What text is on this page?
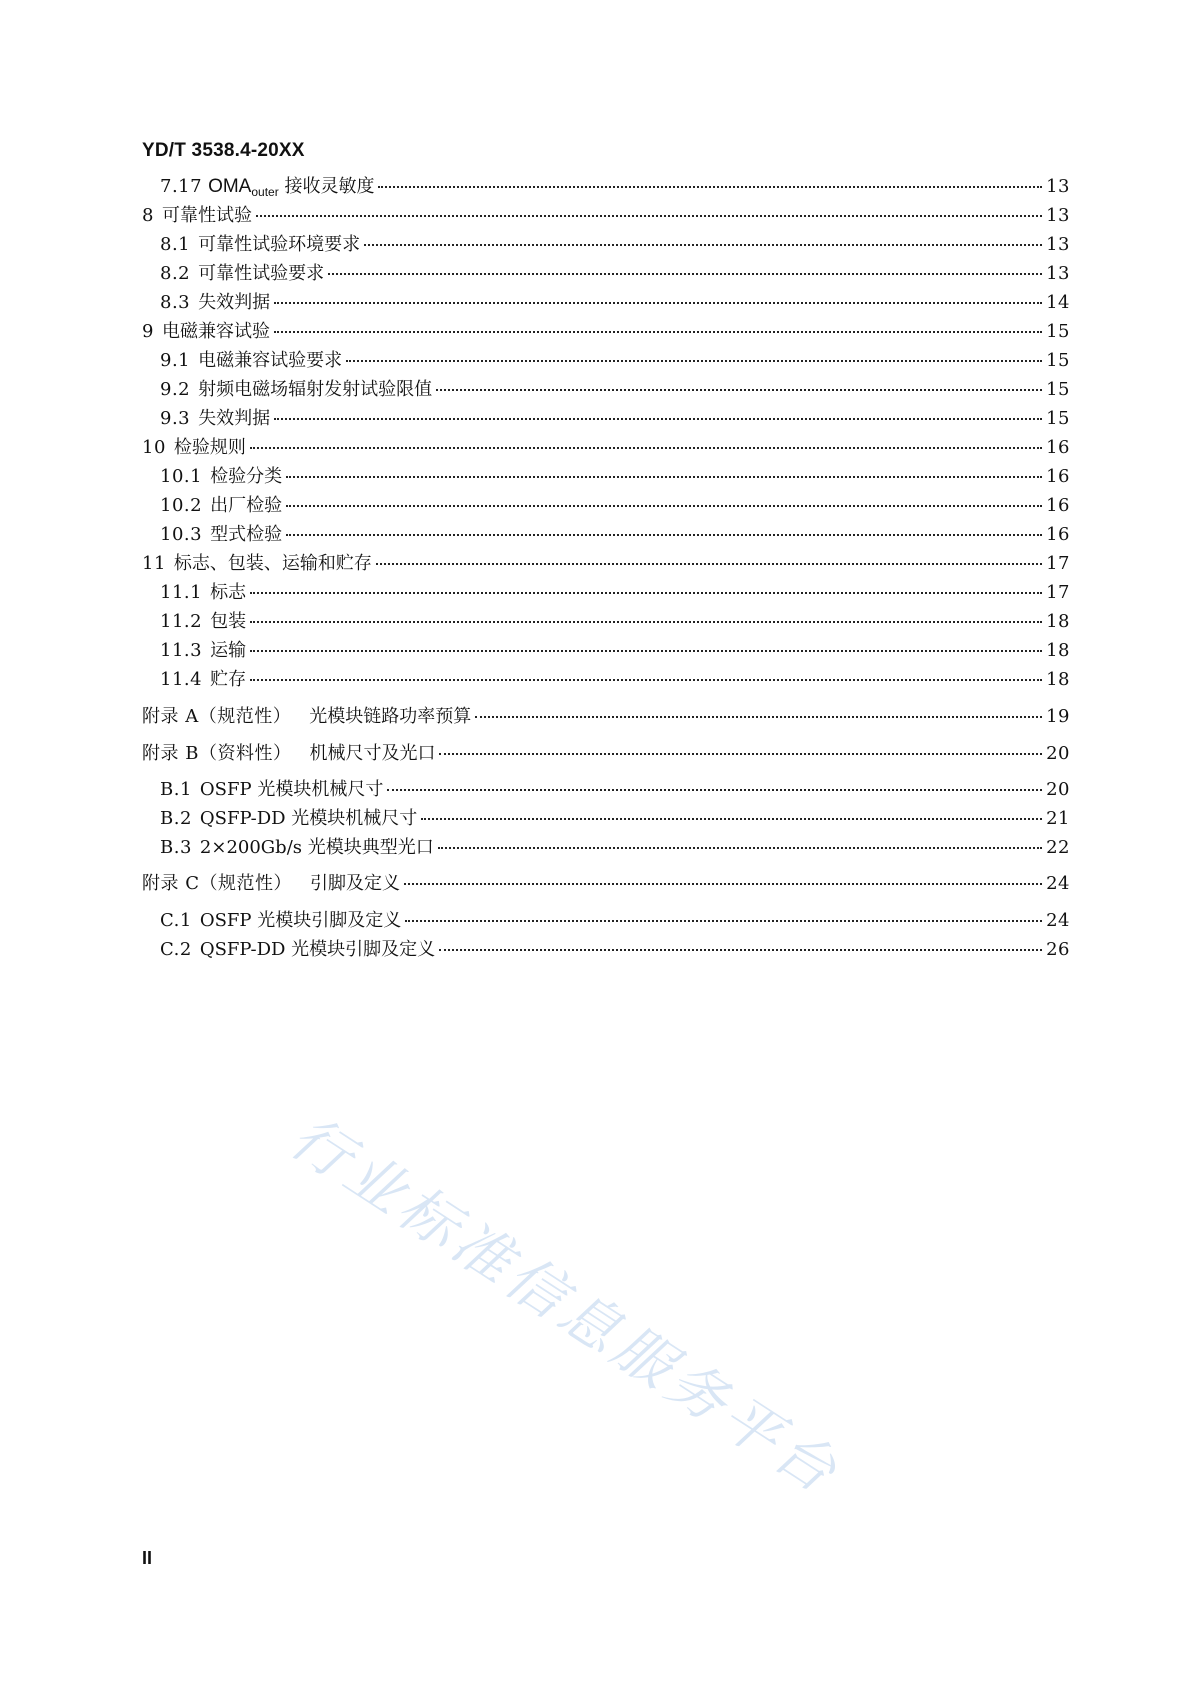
YD/T 3538.4-20XX
7.17 $OMA_{outer}$ 接收灵敏度	13
8 可靠性试验	13
8.1 可靠性试验环境要求	13
8.2 可靠性试验要求	13
8.3 失效判据	14
9 电磁兼容试验	15
9.1 电磁兼容试验要求	15
9.2 射频电磁场辐射发射试验限值	15
9.3 失效判据	15
10 检验规则	16
10.1 检验分类	16
10.2 出厂检验	16
10.3 型式检验	16
11 标志、包装、运输和贮存	17
11.1 标志	17
11.2 包装	18
11.3 运输	18
11.4 贮存	18
附录 A（规范性） 光模块链路功率预算	19
附录 B（资料性） 机械尺寸及光口	20
B.1 OSFP 光模块机械尺寸	20
B.2 QSFP-DD 光模块机械尺寸	21
B.3 2×200Gb/s 光模块典型光口	22
附录 C（规范性） 引脚及定义	24
C.1 OSFP 光模块引脚及定义	24
C.2 QSFP-DD 光模块引脚及定义	26
行业标准信息服务平台
II
